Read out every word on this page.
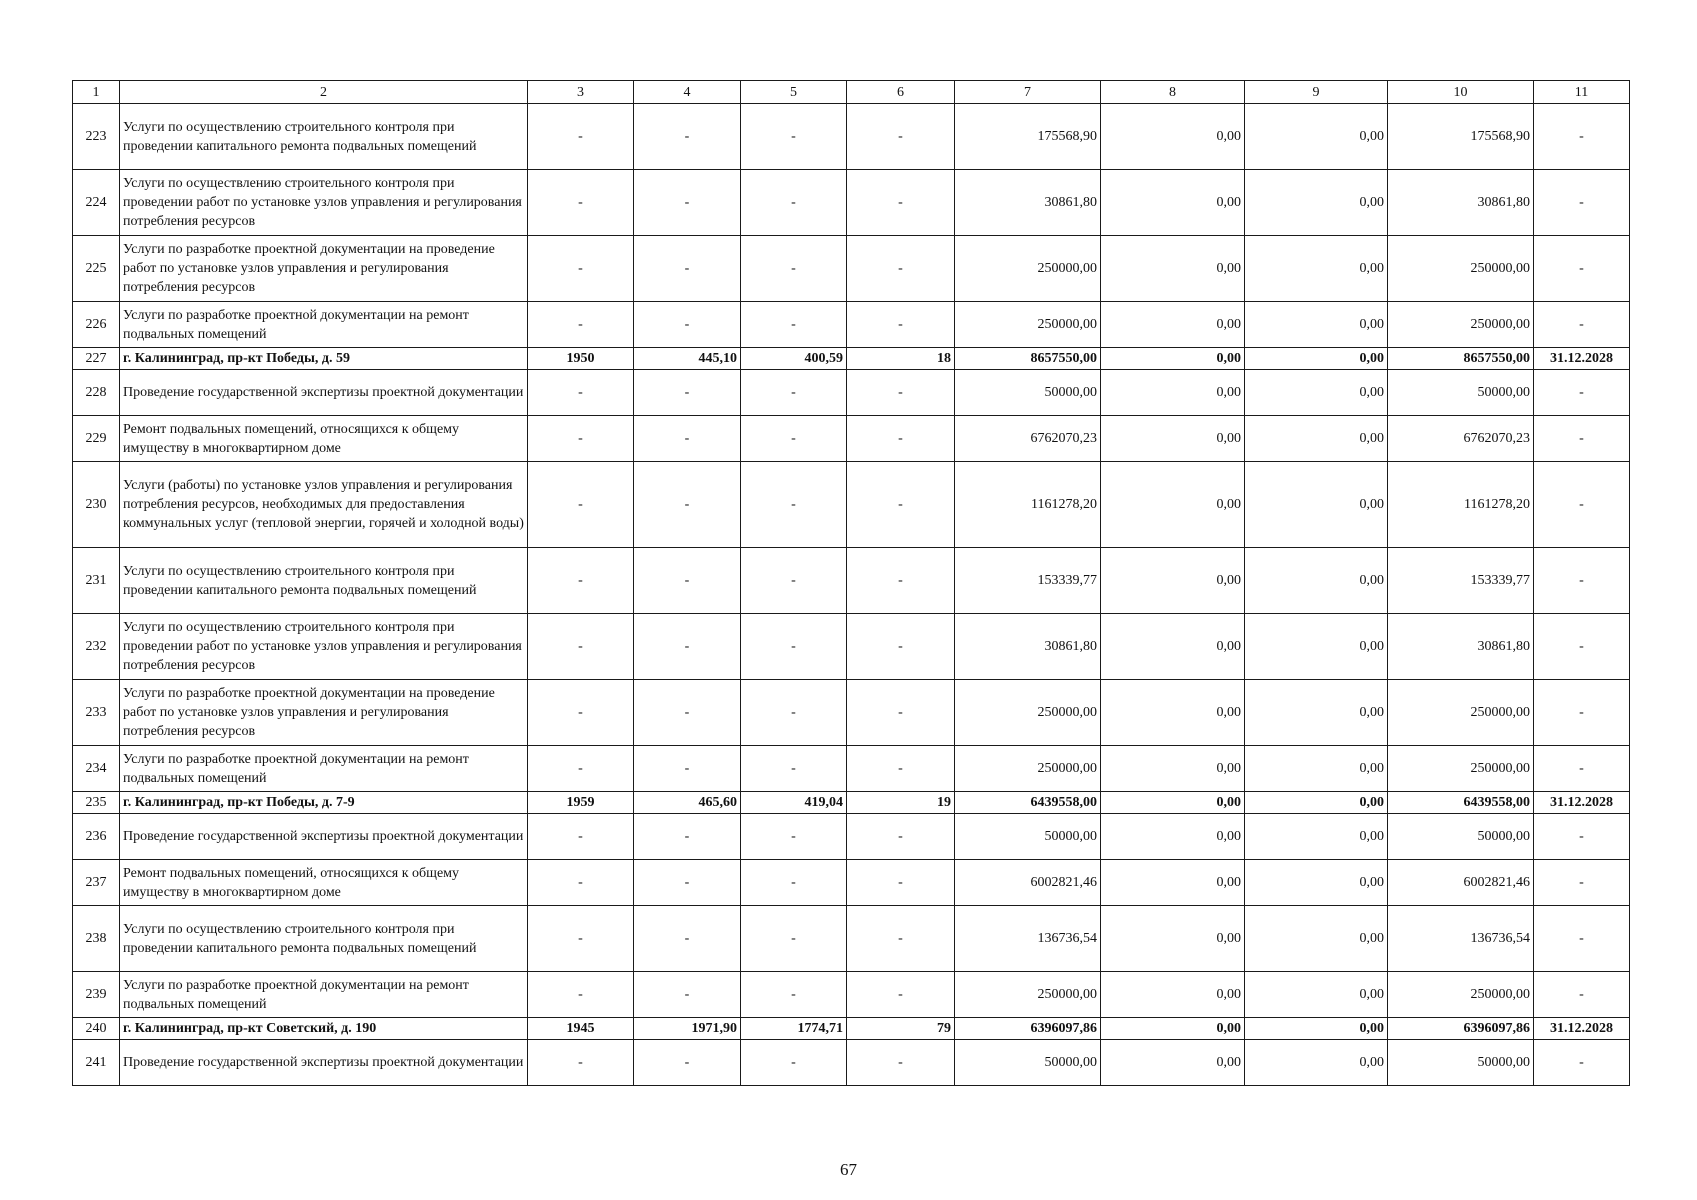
1	2	3	4	5	6	7	8	9	10	11
223	Услуги по осуществлению строительного контроля при проведении капитального ремонта подвальных помещений	-	-	-	-	175568,90	0,00	0,00	175568,90	-
224	Услуги по осуществлению строительного контроля при проведении работ по установке узлов управления и регулирования потребления ресурсов	-	-	-	-	30861,80	0,00	0,00	30861,80	-
225	Услуги по разработке проектной документации на проведение работ по установке узлов управления и регулирования потребления ресурсов	-	-	-	-	250000,00	0,00	0,00	250000,00	-
226	Услуги по разработке проектной документации на ремонт подвальных помещений	-	-	-	-	250000,00	0,00	0,00	250000,00	-
227	г. Калининград, пр-кт Победы, д. 59	1950	445,10	400,59	18	8657550,00	0,00	0,00	8657550,00	31.12.2028
228	Проведение государственной экспертизы проектной документации	-	-	-	-	50000,00	0,00	0,00	50000,00	-
229	Ремонт подвальных помещений, относящихся к общему имуществу в многоквартирном доме	-	-	-	-	6762070,23	0,00	0,00	6762070,23	-
230	Услуги (работы) по установке узлов управления и регулирования потребления ресурсов, необходимых для предоставления коммунальных услуг (тепловой энергии, горячей и холодной воды)	-	-	-	-	1161278,20	0,00	0,00	1161278,20	-
231	Услуги по осуществлению строительного контроля при проведении капитального ремонта подвальных помещений	-	-	-	-	153339,77	0,00	0,00	153339,77	-
232	Услуги по осуществлению строительного контроля при проведении работ по установке узлов управления и регулирования потребления ресурсов	-	-	-	-	30861,80	0,00	0,00	30861,80	-
233	Услуги по разработке проектной документации на проведение работ по установке узлов управления и регулирования потребления ресурсов	-	-	-	-	250000,00	0,00	0,00	250000,00	-
234	Услуги по разработке проектной документации на ремонт подвальных помещений	-	-	-	-	250000,00	0,00	0,00	250000,00	-
235	г. Калининград, пр-кт Победы, д. 7-9	1959	465,60	419,04	19	6439558,00	0,00	0,00	6439558,00	31.12.2028
236	Проведение государственной экспертизы проектной документации	-	-	-	-	50000,00	0,00	0,00	50000,00	-
237	Ремонт подвальных помещений, относящихся к общему имуществу в многоквартирном доме	-	-	-	-	6002821,46	0,00	0,00	6002821,46	-
238	Услуги по осуществлению строительного контроля при проведении капитального ремонта подвальных помещений	-	-	-	-	136736,54	0,00	0,00	136736,54	-
239	Услуги по разработке проектной документации на ремонт подвальных помещений	-	-	-	-	250000,00	0,00	0,00	250000,00	-
240	г. Калининград, пр-кт Советский, д. 190	1945	1971,90	1774,71	79	6396097,86	0,00	0,00	6396097,86	31.12.2028
241	Проведение государственной экспертизы проектной документации	-	-	-	-	50000,00	0,00	0,00	50000,00	-
67
